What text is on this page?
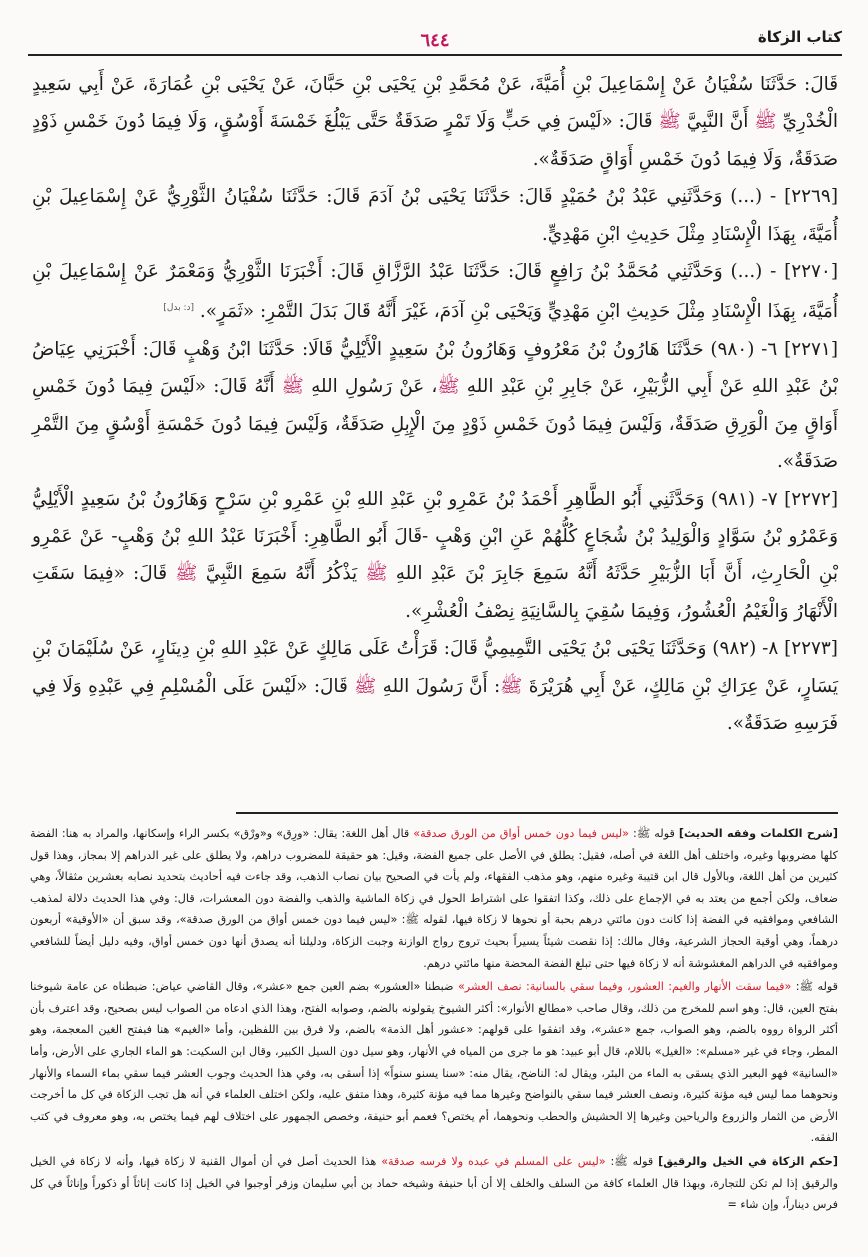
كتاب الزكاة
٦٤٤

قَالَ: حَدَّثَنَا سُفْيَانُ عَنْ إِسْمَاعِيلَ بْنِ أُمَيَّةَ، عَنْ مُحَمَّدِ بْنِ يَحْيَى بْنِ حَبَّانَ، عَنْ يَحْيَى بْنِ عُمَارَةَ، عَنْ أَبِي سَعِيدٍ الْخُدْرِيِّ ﷺ أَنَّ النَّبِيَّ ﷺ قَالَ: «لَيْسَ فِي حَبٍّ وَلَا تَمْرٍ صَدَقَةٌ حَتَّى يَبْلُغَ خَمْسَةَ أَوْسُقٍ، وَلَا فِيمَا دُونَ خَمْسِ ذَوْدٍ صَدَقَةٌ، وَلَا فِيمَا دُونَ خَمْسِ أَوَاقٍ صَدَقَةٌ».

[٢٢٦٩] - (...) وَحَدَّثَنِي عَبْدُ بْنُ حُمَيْدٍ قَالَ: حَدَّثَنَا يَحْيَى بْنُ آدَمَ قَالَ: حَدَّثَنَا سُفْيَانُ الثَّوْرِيُّ عَنْ إِسْمَاعِيلَ بْنِ أُمَيَّةَ، بِهَذَا الْإِسْنَادِ مِثْلَ حَدِيثِ ابْنِ مَهْدِيٍّ.

[٢٢٧٠] - (...) وَحَدَّثَنِي مُحَمَّدُ بْنُ رَافِعٍ قَالَ: حَدَّثَنَا عَبْدُ الرَّزَّاقِ قَالَ: أَخْبَرَنَا الثَّوْرِيُّ وَمَعْمَرٌ عَنْ إِسْمَاعِيلَ بْنِ أُمَيَّةَ، بِهَذَا الْإِسْنَادِ مِثْلَ حَدِيثِ ابْنِ مَهْدِيٍّ وَيَحْيَى بْنِ آدَمَ، غَيْرَ أَنَّهُ قَالَ بَدَلَ التَّمْرِ: «ثَمَرٍ». [د: بدل]

[٢٢٧١] ٦- (٩٨٠) حَدَّثَنَا هَارُونُ بْنُ مَعْرُوفٍ وَهَارُونُ بْنُ سَعِيدٍ الْأَيْلِيُّ قَالَا: حَدَّثَنَا ابْنُ وَهْبٍ قَالَ: أَخْبَرَنِي عِيَاضُ بْنُ عَبْدِ اللهِ عَنْ أَبِي الزُّبَيْرِ، عَنْ جَابِرِ بْنِ عَبْدِ اللهِ ﷺ، عَنْ رَسُولِ اللهِ ﷺ أَنَّهُ قَالَ: «لَيْسَ فِيمَا دُونَ خَمْسِ أَوَاقٍ مِنَ الْوَرِقِ صَدَقَةٌ، وَلَيْسَ فِيمَا دُونَ خَمْسِ ذَوْدٍ مِنَ الْإِبِلِ صَدَقَةٌ، وَلَيْسَ فِيمَا دُونَ خَمْسَةِ أَوْسُقٍ مِنَ التَّمْرِ صَدَقَةٌ».

[٢٢٧٢] ٧- (٩٨١) وَحَدَّثَنِي أَبُو الطَّاهِرِ أَحْمَدُ بْنُ عَمْرِو بْنِ عَبْدِ اللهِ بْنِ عَمْرِو بْنِ سَرْحٍ وَهَارُونُ بْنُ سَعِيدٍ الْأَيْلِيُّ وَعَمْرُو بْنُ سَوَّادٍ وَالْوَلِيدُ بْنُ شُجَاعٍ كُلُّهُمْ عَنِ ابْنِ وَهْبٍ -قَالَ أَبُو الطَّاهِرِ: أَخْبَرَنَا عَبْدُ اللهِ بْنُ وَهْبٍ- عَنْ عَمْرِو بْنِ الْحَارِثِ، أَنَّ أَبَا الزُّبَيْرِ حَدَّثَهُ أَنَّهُ سَمِعَ جَابِرَ بْنَ عَبْدِ اللهِ ﷺ يَذْكُرُ أَنَّهُ سَمِعَ النَّبِيَّ ﷺ قَالَ: «فِيمَا سَقَتِ الْأَنْهَارُ وَالْغَيْمُ الْعُشُورُ، وَفِيمَا سُقِيَ بِالسَّانِيَةِ نِصْفُ الْعُشْرِ».

[٢٢٧٣] ٨- (٩٨٢) وَحَدَّثَنَا يَحْيَى بْنُ يَحْيَى التَّمِيمِيُّ قَالَ: قَرَأْتُ عَلَى مَالِكٍ عَنْ عَبْدِ اللهِ بْنِ دِينَارٍ، عَنْ سُلَيْمَانَ بْنِ يَسَارٍ، عَنْ عِرَاكِ بْنِ مَالِكٍ، عَنْ أَبِي هُرَيْرَةَ ﷺ: أَنَّ رَسُولَ اللهِ ﷺ قَالَ: «لَيْسَ عَلَى الْمُسْلِمِ فِي عَبْدِهِ وَلَا فِي فَرَسِهِ صَدَقَةٌ».

[شرح الكلمات وفقه الحديث] قوله ﷺ: «ليس فيما دون خمس أواق من الورق صدقة» قال أهل اللغة: يقال: «ورِق» و«ورْق» بكسر الراء وإسكانها، والمراد به هنا: الفضة كلها مضروبها وغيره، واختلف أهل اللغة في أصله، فقيل: يطلق في الأصل على جميع الفضة، وقيل: هو حقيقة للمضروب دراهم، ولا يطلق على غير الدراهم إلا بمجاز، وهذا قول كثيرين من أهل اللغة، وبالأول قال ابن قتيبة وغيره منهم، وهو مذهب الفقهاء، ولم يأت في الصحيح بيان نصاب الذهب، وقد جاءت فيه أحاديث بتحديد نصابه بعشرين مثقالاً، وهي ضعاف، ولكن أجمع من يعتد به في الإجماع على ذلك، وكذا اتفقوا على اشتراط الحول في زكاة الماشية والذهب والفضة دون المعشرات، قال: وفي هذا الحديث دلالة لمذهب الشافعي وموافقيه في الفضة إذا كانت دون مائتي درهم بحبة أو نحوها لا زكاة فيها، لقوله ﷺ: «ليس فيما دون خمس أواق من الورق صدقة»، وقد سبق أن «الأوقية» أربعون درهماً، وهي أوقية الحجاز الشرعية، وقال مالك: إذا نقصت شيئاً يسيراً بحيث تروج رواج الوازنة وجبت الزكاة، ودليلنا أنه يصدق أنها دون خمس أواق، وفيه دليل أيضاً للشافعي وموافقيه في الدراهم المغشوشة أنه لا زكاة فيها حتى تبلغ الفضة المحضة منها مائتي درهم.

قوله ﷺ: «فيما سقت الأنهار والغيم: العشور، وفيما سقي بالسانية: نصف العشر» ضبطنا «العشور» بضم العين جمع «عشر»، وقال القاضي عياض: ضبطناه عن عامة شيوخنا بفتح العين، قال: وهو اسم للمخرج من ذلك، وقال صاحب «مطالع الأنوار»: أكثر الشيوخ يقولونه بالضم، وصوابه الفتح، وهذا الذي ادعاه من الصواب ليس بصحيح، وقد اعترف بأن أكثر الرواة رووه بالضم، وهو الصواب، جمع «عشر»، وقد اتفقوا على قولهم: «عشور أهل الذمة» بالضم، ولا فرق بين اللفظين، وأما «الغيم» هنا فبفتح الغين المعجمة، وهو المطر، وجاء في غير «مسلم»: «الغيل» باللام، قال أبو عبيد: هو ما جرى من المياه في الأنهار، وهو سيل دون السيل الكبير، وقال ابن السكيت: هو الماء الجاري على الأرض، وأما «السانية» فهو البعير الذي يسقى به الماء من البئر، ويقال له: الناضح، يقال منه: «سنا يسنو سنواً» إذا أسقى به، وفي هذا الحديث وجوب العشر فيما سقي بماء السماء والأنهار ونحوهما مما ليس فيه مؤنة كثيرة، ونصف العشر فيما سقي بالنواضح وغيرها مما فيه مؤنة كثيرة، وهذا متفق عليه، ولكن اختلف العلماء في أنه هل تجب الزكاة في كل ما أخرجت الأرض من الثمار والزروع والرياحين وغيرها إلا الحشيش والحطب ونحوهما، أم يختص؟ فعمم أبو حنيفة، وخصص الجمهور على اختلاف لهم فيما يختص به، وهو معروف في كتب الفقه.

[حكم الزكاة في الخيل والرقيق] قوله ﷺ: «ليس على المسلم في عبده ولا فرسه صدقة» هذا الحديث أصل في أن أموال القنية لا زكاة فيها، وأنه لا زكاة في الخيل والرقيق إذا لم تكن للتجارة، وبهذا قال العلماء كافة من السلف والخلف إلا أن أبا حنيفة وشيخه حماد بن أبي سليمان وزفر أوجبوا في الخيل إذا كانت إناثاً أو ذكوراً وإناثاً في كل فرس ديناراً، وإن شاء =
